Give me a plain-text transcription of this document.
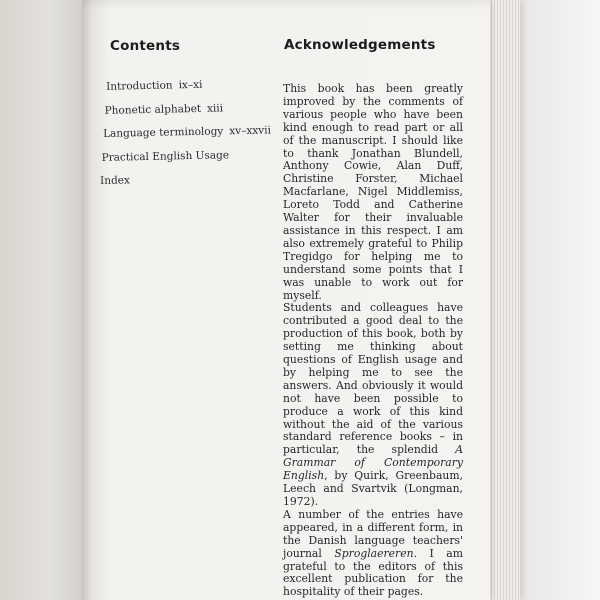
Contents	Acknowledgements
Introduction ix–xi
Phonetic alphabet xiii
Language terminology xv–xxvii
Practical English Usage
Index

This book has been greatly improved by the comments of various people who have been kind enough to read part or all of the manuscript. I should like to thank Jonathan Blundell, Anthony Cowie, Alan Duff, Christine Forster, Michael Macfarlane, Nigel Middlemiss, Loreto Todd and Catherine Walter for their invaluable assistance in this respect. I am also extremely grateful to Philip Tregidgo for helping me to understand some points that I was unable to work out for myself.

Students and colleagues have contributed a good deal to the production of this book, both by setting me thinking about questions of English usage and by helping me to see the answers. And obviously it would not have been possible to produce a work of this kind without the aid of the various standard reference books – in particular, the splendid A Grammar of Contemporary English, by Quirk, Greenbaum, Leech and Svartvik (Longman, 1972).

A number of the entries have appeared, in a different form, in the Danish language teachers' journal Sproglaereren. I am grateful to the editors of this excellent publication for the hospitality of their pages.
